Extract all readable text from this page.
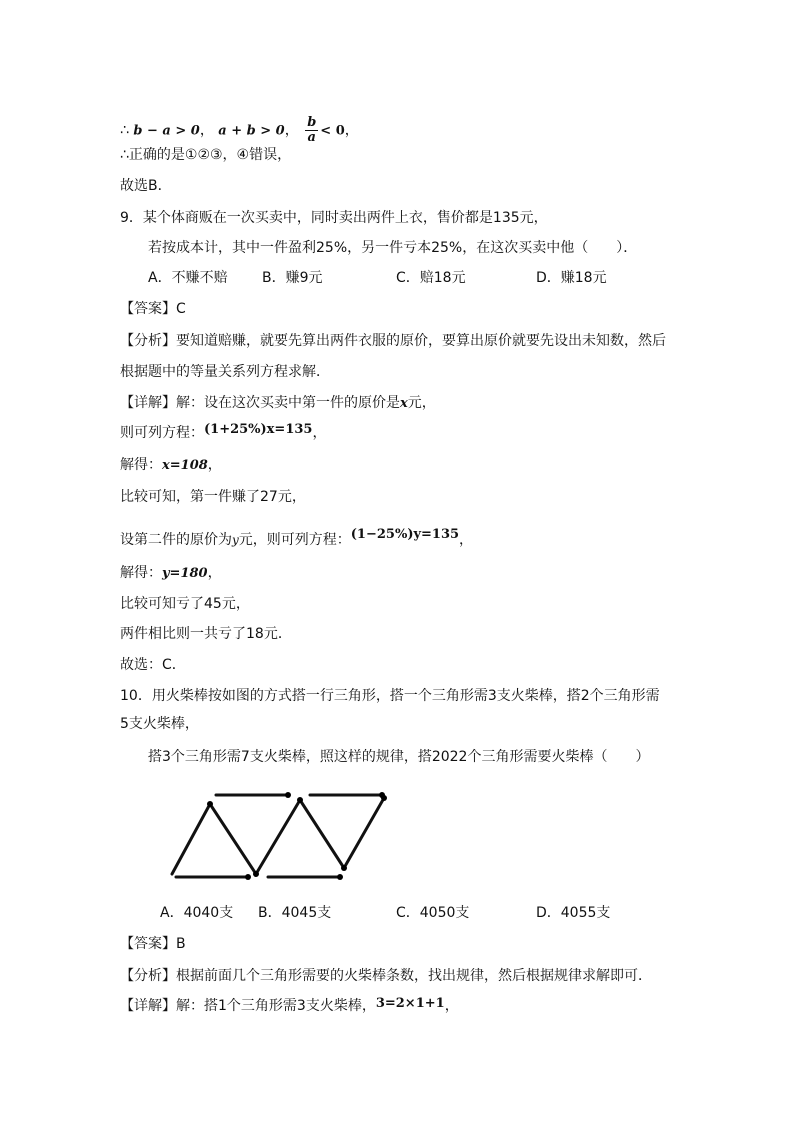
∴ b − a > 0， a + b > 0， $\frac{b}{a} < 0$，
∴正确的是①②③，④错误，
故选B．
9．某个体商贩在一次买卖中，同时卖出两件上衣，售价都是135元，
若按成本计，其中一件盈利25%，另一件亏本25%，在这次买卖中他（　　）．
A．不赚不赔 B．赚9元	C．赔18元	D．赚18元
【答案】C
【分析】要知道赔赚，就要先算出两件衣服的原价，要算出原价就要先设出未知数，然后
根据题中的等量关系列方程求解．
【详解】解：设在这次买卖中第一件的原价是x元，
则可列方程：(1+25%)x=135，
解得：x=108，
比较可知，第一件赚了27元，
设第二件的原价为y元，则可列方程：(1−25%)y=135，
解得：y=180，
比较可知亏了45元，
两件相比则一共亏了18元．
故选：C．
10．用火柴棒按如图的方式搭一行三角形，搭一个三角形需3支火柴棒，搭2个三角形需
5支火柴棒，
搭3个三角形需7支火柴棒，照这样的规律，搭2022个三角形需要火柴棒（　　）
A．4040支 B．4045支	C．4050支	D．4055支
【答案】B
【分析】根据前面几个三角形需要的火柴棒条数，找出规律，然后根据规律求解即可．
【详解】解：搭1个三角形需3支火柴棒，3=2×1+1，
